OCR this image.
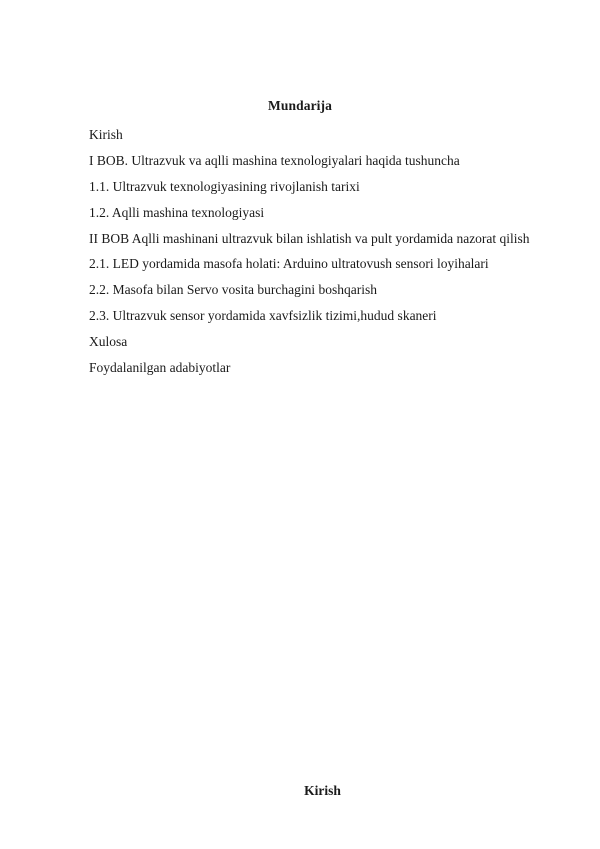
Mundarija
Kirish
I BOB. Ultrazvuk va aqlli mashina texnologiyalari haqida tushuncha
1.1. Ultrazvuk texnologiyasining rivojlanish tarixi
1.2. Aqlli mashina texnologiyasi
II BOB Aqlli mashinani ultrazvuk bilan ishlatish va pult yordamida nazorat qilish
2.1. LED yordamida masofa holati: Arduino ultratovush sensori loyihalari
2.2. Masofa bilan Servo vosita burchagini boshqarish
2.3. Ultrazvuk sensor yordamida xavfsizlik tizimi,hudud skaneri
Xulosa
Foydalanilgan adabiyotlar
Kirish
